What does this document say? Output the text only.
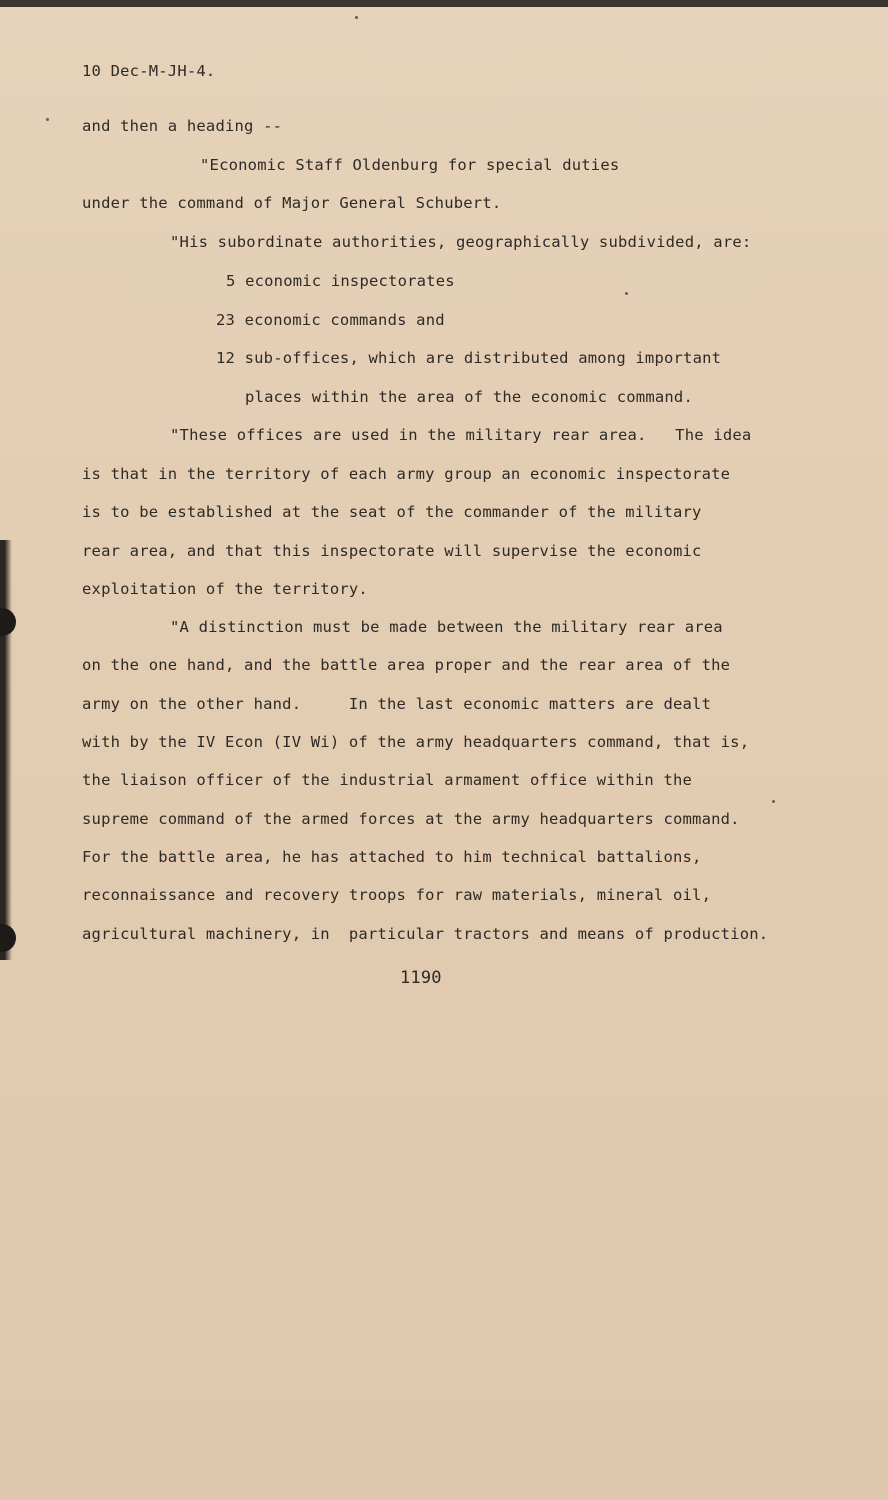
10 Dec-M-JH-4.
and then a heading --
"Economic Staff Oldenburg for special duties
under the command of Major General Schubert.
"His subordinate authorities, geographically subdivided, are:
5 economic inspectorates
23 economic commands and
12 sub-offices, which are distributed among important
places within the area of the economic command.
"These offices are used in the military rear area.   The idea
is that in the territory of each army group an economic inspectorate
is to be established at the seat of the commander of the military
rear area, and that this inspectorate will supervise the economic
exploitation of the territory.
"A distinction must be made between the military rear area
on the one hand, and the battle area proper and the rear area of the
army on the other hand.     In the last economic matters are dealt
with by the IV Econ (IV Wi) of the army headquarters command, that is,
the liaison officer of the industrial armament office within the
supreme command of the armed forces at the army headquarters command.
For the battle area, he has attached to him technical battalions,
reconnaissance and recovery troops for raw materials, mineral oil,
agricultural machinery, in  particular tractors and means of production.
1190
